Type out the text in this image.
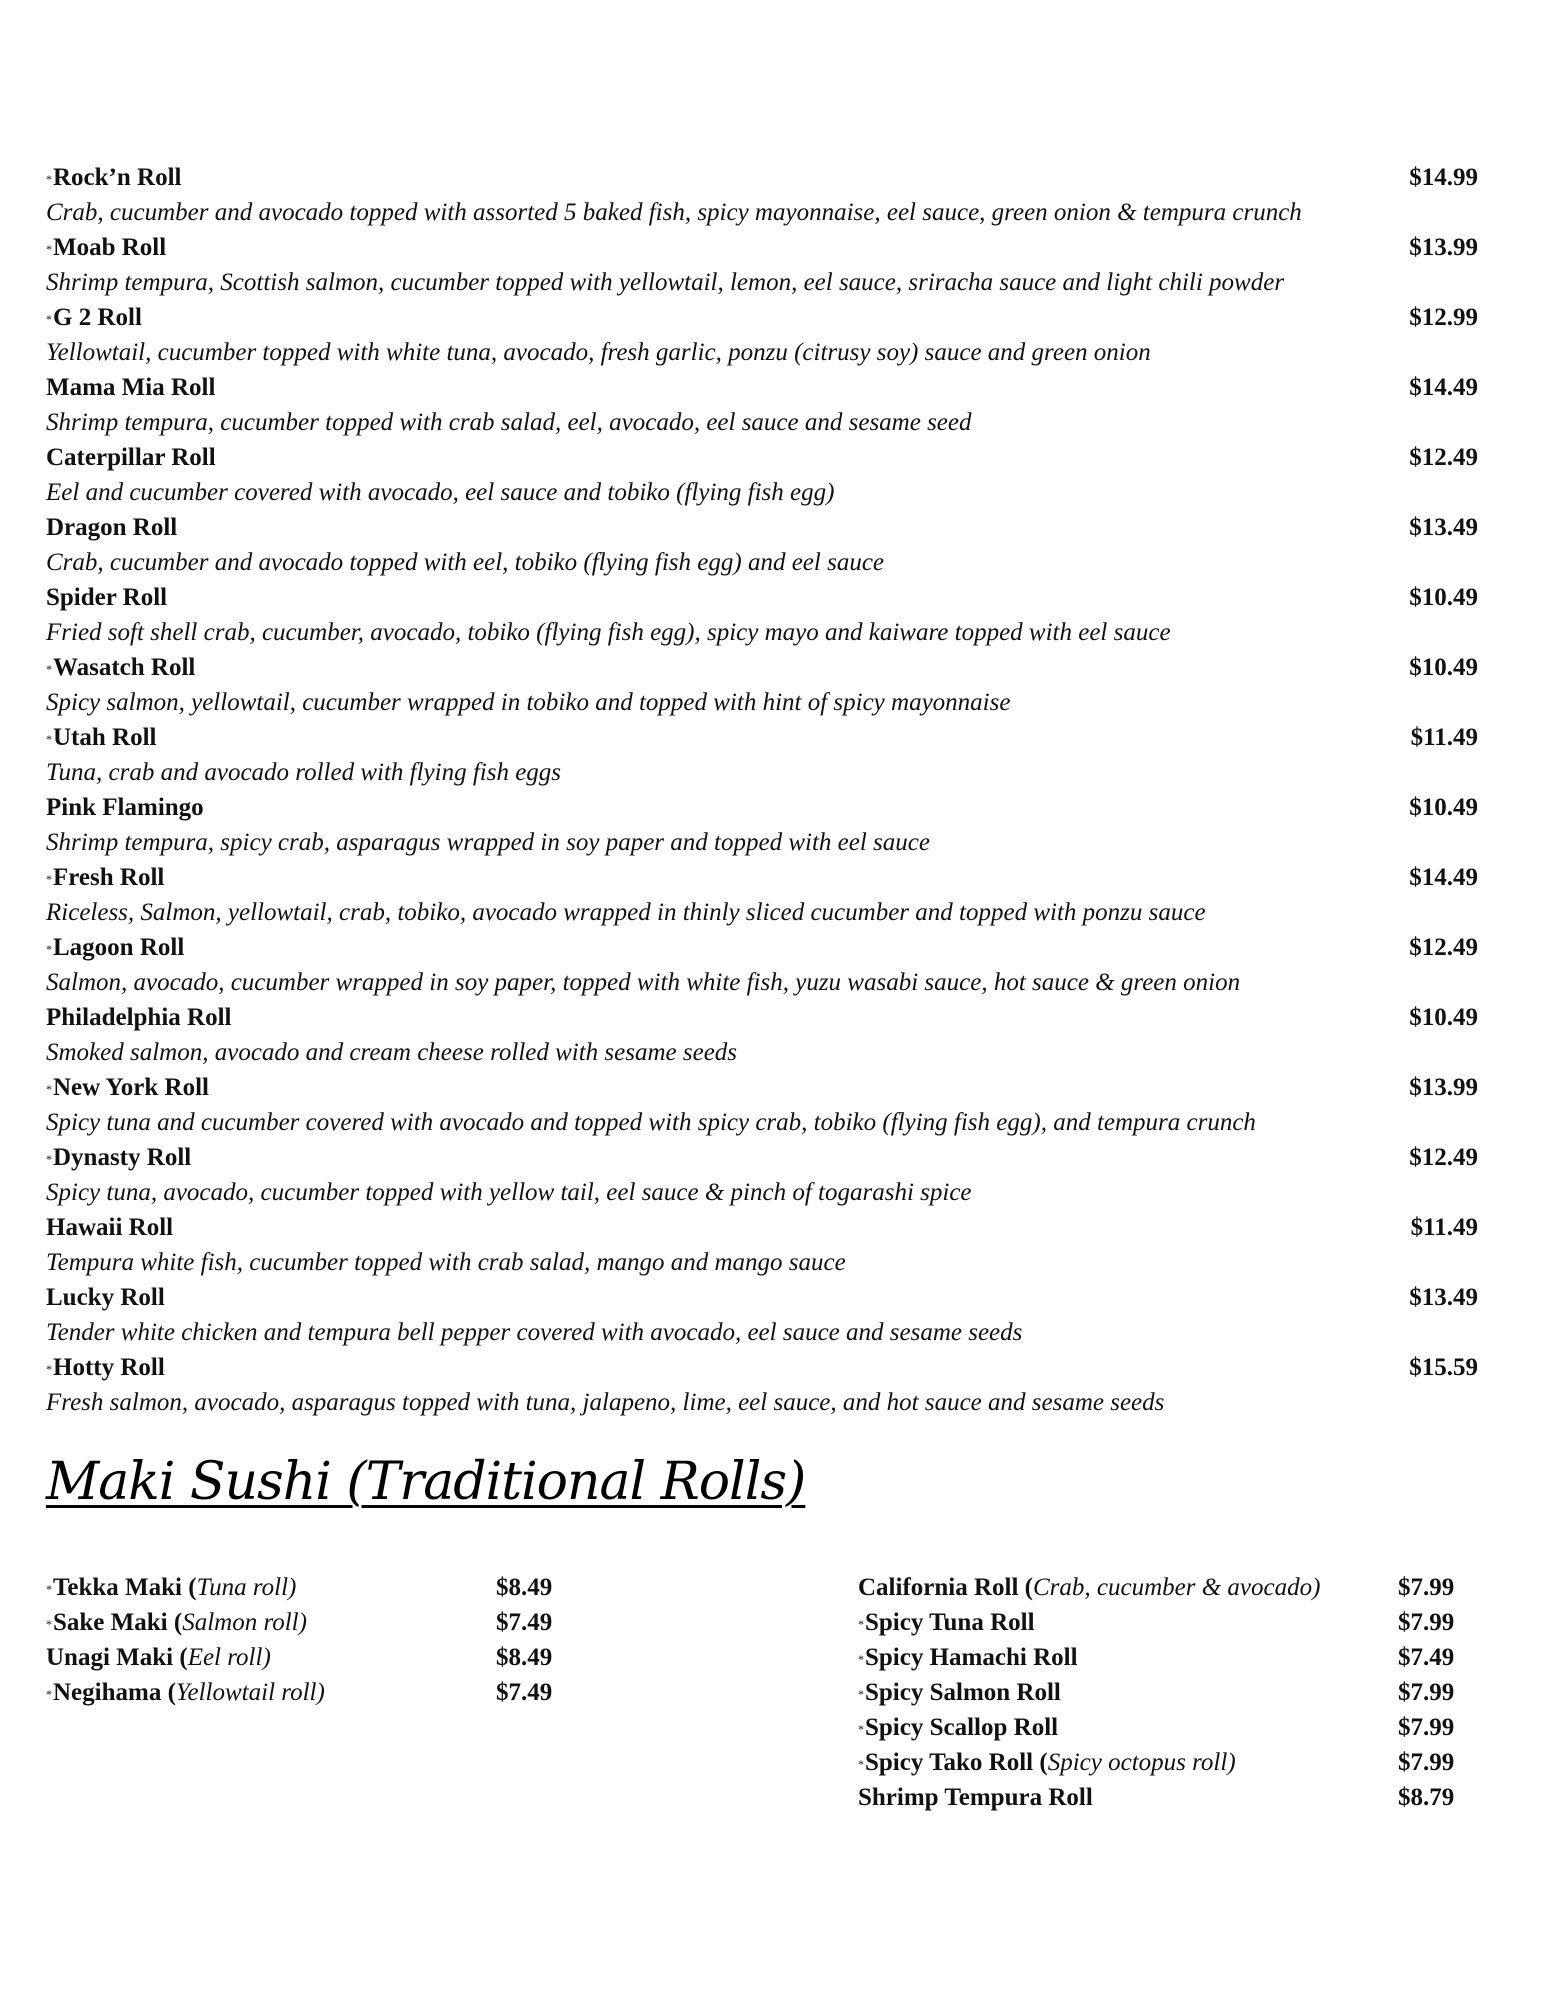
*Rock’n Roll	$14.99
Crab, cucumber and avocado topped with assorted 5 baked fish, spicy mayonnaise, eel sauce, green onion & tempura crunch
*Moab Roll	$13.99
Shrimp tempura, Scottish salmon, cucumber topped with yellowtail, lemon, eel sauce, sriracha sauce and light chili powder
*G 2 Roll	$12.99
Yellowtail, cucumber topped with white tuna, avocado, fresh garlic, ponzu (citrusy soy) sauce and green onion
Mama Mia Roll	$14.49
Shrimp tempura, cucumber topped with crab salad, eel, avocado, eel sauce and sesame seed
Caterpillar Roll	$12.49
Eel and cucumber covered with avocado, eel sauce and tobiko (flying fish egg)
Dragon Roll	$13.49
Crab, cucumber and avocado topped with eel, tobiko (flying fish egg) and eel sauce
Spider Roll	$10.49
Fried soft shell crab, cucumber, avocado, tobiko (flying fish egg), spicy mayo and kaiware topped with eel sauce
*Wasatch Roll	$10.49
Spicy salmon, yellowtail, cucumber wrapped in tobiko and topped with hint of spicy mayonnaise
*Utah Roll	$11.49
Tuna, crab and avocado rolled with flying fish eggs
Pink Flamingo	$10.49
Shrimp tempura, spicy crab, asparagus wrapped in soy paper and topped with eel sauce
*Fresh Roll	$14.49
Riceless, Salmon, yellowtail, crab, tobiko, avocado wrapped in thinly sliced cucumber and topped with ponzu sauce
*Lagoon Roll	$12.49
Salmon, avocado, cucumber wrapped in soy paper, topped with white fish, yuzu wasabi sauce, hot sauce & green onion
Philadelphia Roll	$10.49
Smoked salmon, avocado and cream cheese rolled with sesame seeds
*New York Roll	$13.99
Spicy tuna and cucumber covered with avocado and topped with spicy crab, tobiko (flying fish egg), and tempura crunch
*Dynasty Roll	$12.49
Spicy tuna, avocado, cucumber topped with yellow tail, eel sauce & pinch of togarashi spice
Hawaii Roll	$11.49
Tempura white fish, cucumber topped with crab salad, mango and mango sauce
Lucky Roll	$13.49
Tender white chicken and tempura bell pepper covered with avocado, eel sauce and sesame seeds
*Hotty Roll	$15.59
Fresh salmon, avocado, asparagus topped with tuna, jalapeno, lime, eel sauce, and hot sauce and sesame seeds
Maki Sushi (Traditional Rolls)
*Tekka Maki (Tuna roll)	$8.49
*Sake Maki (Salmon roll)	$7.49
Unagi Maki (Eel roll)	$8.49
*Negihama (Yellowtail roll)	$7.49
California Roll (Crab, cucumber & avocado)	$7.99
*Spicy Tuna Roll	$7.99
*Spicy Hamachi Roll	$7.49
*Spicy Salmon Roll	$7.99
*Spicy Scallop Roll	$7.99
*Spicy Tako Roll (Spicy octopus roll)	$7.99
Shrimp Tempura Roll	$8.79
